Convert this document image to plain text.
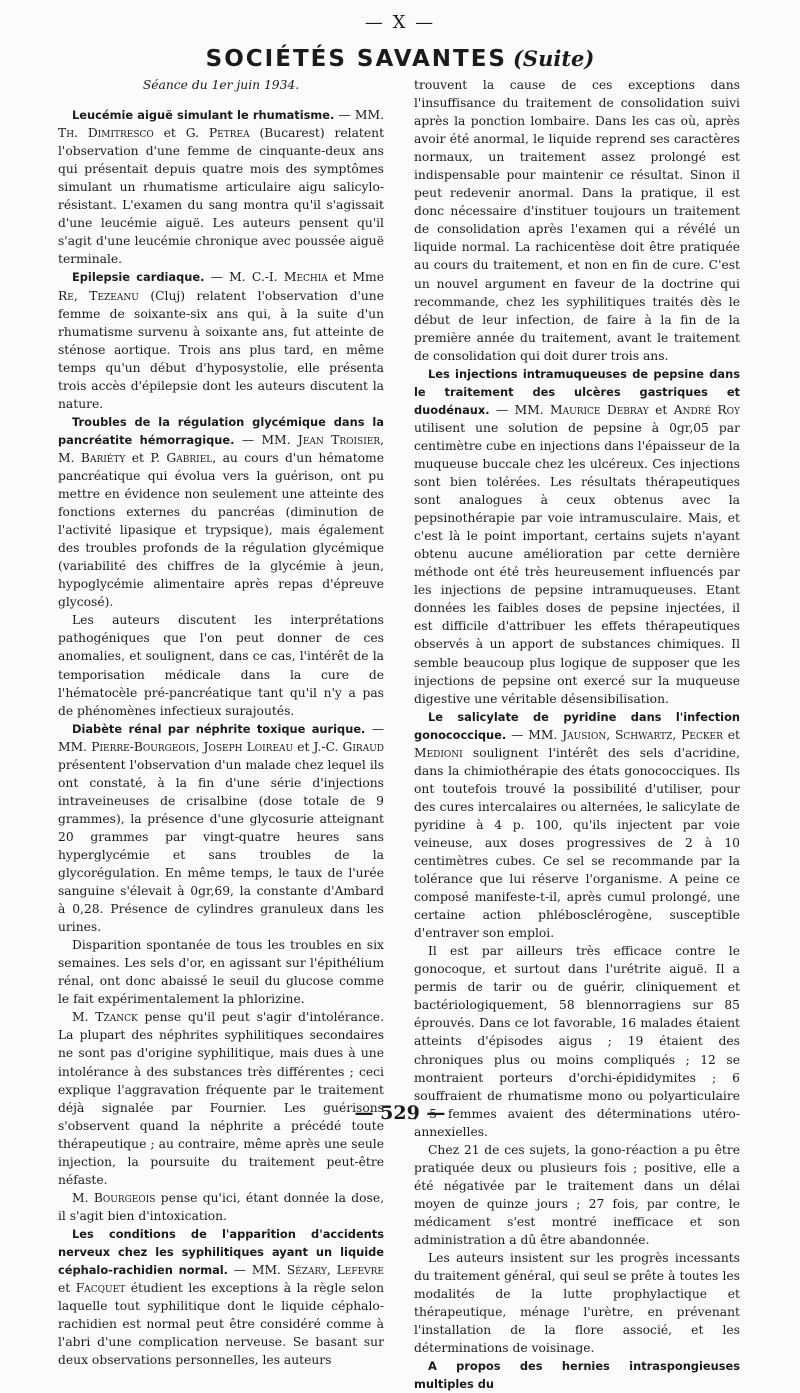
— X —
SOCIÉTÉS SAVANTES (Suite)

Séance du 1er juin 1934.

Leucémie aiguë simulant le rhumatisme. — MM. Th. Dimitresco et G. Petrea (Bucarest) relatent l'observation d'une femme de cinquante-deux ans qui présentait depuis quatre mois des symptômes simulant un rhumatisme articulaire aigu salicylo-résistant. L'examen du sang montra qu'il s'agissait d'une leucémie aiguë. Les auteurs pensent qu'il s'agit d'une leucémie chronique avec poussée aiguë terminale.

Epilepsie cardiaque. — M. C.-I. Mechia et Mme Re, Tezeanu (Cluj) relatent l'observation d'une femme de soixante-six ans qui, à la suite d'un rhumatisme survenu à soixante ans, fut atteinte de sténose aortique. Trois ans plus tard, en même temps qu'un début d'hyposystolie, elle présenta trois accès d'épilepsie dont les auteurs discutent la nature.

Troubles de la régulation glycémique dans la pancréatite hémorragique. — MM. Jean Troisier, M. Bariéty et P. Gabriel, au cours d'un hématome pancréatique qui évolua vers la guérison, ont pu mettre en évidence non seulement une atteinte des fonctions externes du pancréas (diminution de l'activité lipasique et trypsique), mais également des troubles profonds de la régulation glycémique (variabilité des chiffres de la glycémie à jeun, hypoglycémie alimentaire après repas d'épreuve glycosé).

Les auteurs discutent les interprétations pathogéniques que l'on peut donner de ces anomalies, et soulignent, dans ce cas, l'intérêt de la temporisation médicale dans la cure de l'hématocèle pré-pancréatique tant qu'il n'y a pas de phénomènes infectieux surajoutés.

Diabète rénal par néphrite toxique aurique. — MM. Pierre-Bourgeois, Joseph Loireau et J.-C. Giraud présentent l'observation d'un malade chez lequel ils ont constaté, à la fin d'une série d'injections intraveineuses de crisalbine (dose totale de 9 grammes), la présence d'une glycosurie atteignant 20 grammes par vingt-quatre heures sans hyperglycémie et sans troubles de la glycorégulation. En même temps, le taux de l'urée sanguine s'élevait à 0gr,69, la constante d'Ambard à 0,28. Présence de cylindres granuleux dans les urines.

Disparition spontanée de tous les troubles en six semaines. Les sels d'or, en agissant sur l'épithélium rénal, ont donc abaissé le seuil du glucose comme le fait expérimentalement la phlorizine.

M. Tzanck pense qu'il peut s'agir d'intolérance. La plupart des néphrites syphilitiques secondaires ne sont pas d'origine syphilitique, mais dues à une intolérance à des substances très différentes ; ceci explique l'aggravation fréquente par le traitement déjà signalée par Fournier. Les guérisons s'observent quand la néphrite a précédé toute thérapeutique ; au contraire, même après une seule injection, la poursuite du traitement peut-être néfaste.

M. Bourgeois pense qu'ici, étant donnée la dose, il s'agit bien d'intoxication.

Les conditions de l'apparition d'accidents nerveux chez les syphilitiques ayant un liquide céphalo-rachidien normal. — MM. Sézary, Lefevre et Facquet étudient les exceptions à la règle selon laquelle tout syphilitique dont le liquide céphalo-rachidien est normal peut être considéré comme à l'abri d'une complication nerveuse. Se basant sur deux observations personnelles, les auteurs

trouvent la cause de ces exceptions dans l'insuffisance du traitement de consolidation suivi après la ponction lombaire. Dans les cas où, après avoir été anormal, le liquide reprend ses caractères normaux, un traitement assez prolongé est indispensable pour maintenir ce résultat. Sinon il peut redevenir anormal. Dans la pratique, il est donc nécessaire d'instituer toujours un traitement de consolidation après l'examen qui a révélé un liquide normal. La rachicentèse doit être pratiquée au cours du traitement, et non en fin de cure. C'est un nouvel argument en faveur de la doctrine qui recommande, chez les syphilitiques traités dès le début de leur infection, de faire à la fin de la première année du traitement, avant le traitement de consolidation qui doit durer trois ans.

Les injections intramuqueuses de pepsine dans le traitement des ulcères gastriques et duodénaux. — MM. Maurice Debray et André Roy utilisent une solution de pepsine à 0gr,05 par centimètre cube en injections dans l'épaisseur de la muqueuse buccale chez les ulcéreux. Ces injections sont bien tolérées. Les résultats thérapeutiques sont analogues à ceux obtenus avec la pepsinothérapie par voie intramusculaire. Mais, et c'est là le point important, certains sujets n'ayant obtenu aucune amélioration par cette dernière méthode ont été très heureusement influencés par les injections de pepsine intramuqueuses. Etant données les faibles doses de pepsine injectées, il est difficile d'attribuer les effets thérapeutiques observés à un apport de substances chimiques. Il semble beaucoup plus logique de supposer que les injections de pepsine ont exercé sur la muqueuse digestive une véritable désensibilisation.

Le salicylate de pyridine dans l'infection gonococcique. — MM. Jausion, Schwartz, Pecker et Medioni soulignent l'intérêt des sels d'acridine, dans la chimiothérapie des états gonococciques. Ils ont toutefois trouvé la possibilité d'utiliser, pour des cures intercalaires ou alternées, le salicylate de pyridine à 4 p. 100, qu'ils injectent par voie veineuse, aux doses progressives de 2 à 10 centimètres cubes. Ce sel se recommande par la tolérance que lui réserve l'organisme. A peine ce composé manifeste-t-il, après cumul prolongé, une certaine action phlébosclérogène, susceptible d'entraver son emploi.

Il est par ailleurs très efficace contre le gonocoque, et surtout dans l'urétrite aiguë. Il a permis de tarir ou de guérir, cliniquement et bactériologiquement, 58 blennorragiens sur 85 éprouvés. Dans ce lot favorable, 16 malades étaient atteints d'épisodes aigus ; 19 étaient des chroniques plus ou moins compliqués ; 12 se montraient porteurs d'orchi-épididymites ; 6 souffraient de rhumatisme mono ou polyarticulaire ; 5 femmes avaient des déterminations utéro-annexielles.

Chez 21 de ces sujets, la gono-réaction a pu être pratiquée deux ou plusieurs fois ; positive, elle a été négativée par le traitement dans un délai moyen de quinze jours ; 27 fois, par contre, le médicament s'est montré inefficace et son administration a dû être abandonnée.

Les auteurs insistent sur les progrès incessants du traitement général, qui seul se prête à toutes les modalités de la lutte prophylactique et thérapeutique, ménage l'urètre, en prévenant l'installation de la flore associé, et les déterminations de voisinage.

A propos des hernies intraspongieuses multiples du

— 529 —
